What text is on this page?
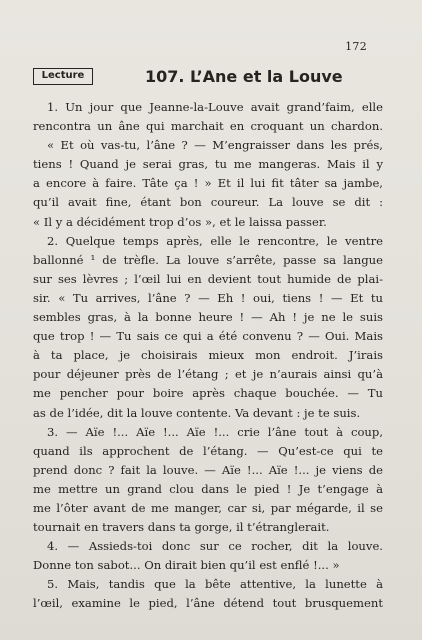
172
Lecture	107. L’Ane et la Louve
1. Un jour que Jeanne-la-Louve avait grand’faim, elle
rencontra un âne qui marchait en croquant un chardon.
« Et où vas-tu, l’âne ? — M’engraisser dans les prés,
tiens ! Quand je serai gras, tu me mangeras. Mais il y
a encore à faire. Tâte ça ! » Et il lui fit tâter sa jambe,
qu’il avait fine, étant bon coureur. La louve se dit :
« Il y a décidément trop d’os », et le laissa passer.
2. Quelque temps après, elle le rencontre, le ventre
ballonné ¹ de trèfle. La louve s’arrête, passe sa langue
sur ses lèvres ; l’œil lui en devient tout humide de plai-
sir. « Tu arrives, l’âne ? — Eh ! oui, tiens ! — Et tu
sembles gras, à la bonne heure ! — Ah ! je ne le suis
que trop ! — Tu sais ce qui a été convenu ? — Oui. Mais
à ta place, je choisirais mieux mon endroit. J’irais
pour déjeuner près de l’étang ; et je n’aurais ainsi qu’à
me pencher pour boire après chaque bouchée. — Tu
as de l’idée, dit la louve contente. Va devant : je te suis.
3. — Aïe !... Aïe !... Aïe !... crie l’âne tout à coup,
quand ils approchent de l’étang. — Qu’est-ce qui te
prend donc ? fait la louve. — Aïe !... Aïe !... je viens de
me mettre un grand clou dans le pied ! Je t’engage à
me l’ôter avant de me manger, car si, par mégarde, il se
tournait en travers dans ta gorge, il t’étranglerait.
4. — Assieds-toi donc sur ce rocher, dit la louve.
Donne ton sabot... On dirait bien qu’il est enflé !... »
5. Mais, tandis que la bête attentive, la lunette à
l’œil, examine le pied, l’âne détend tout brusquement
